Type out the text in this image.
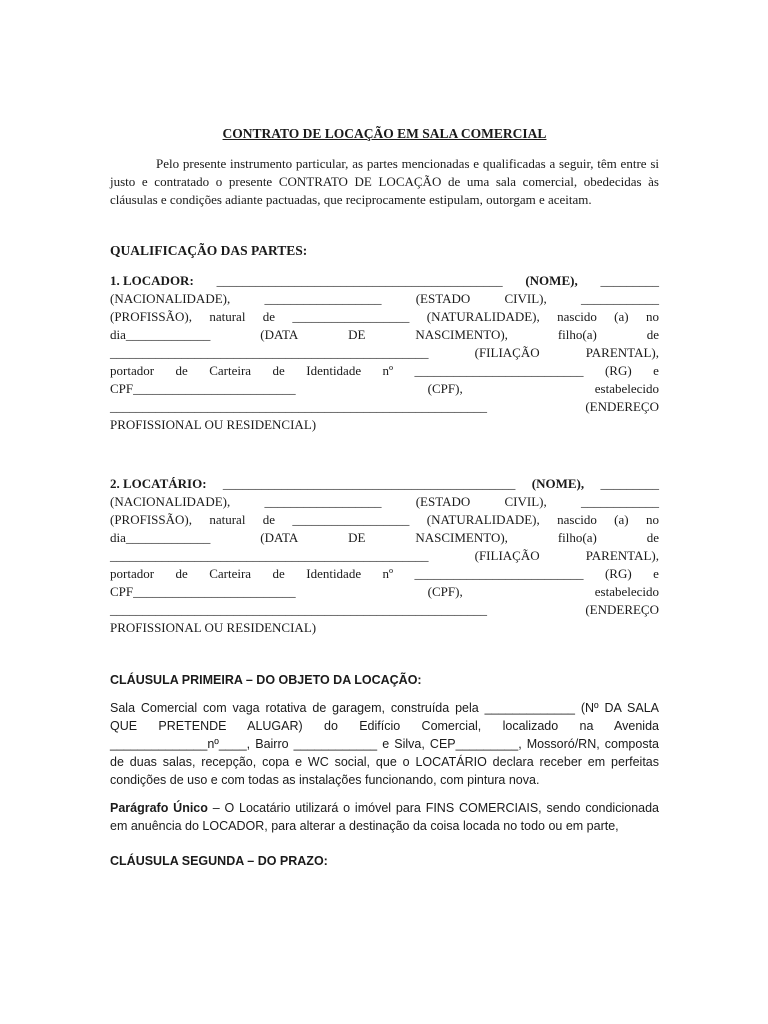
CONTRATO DE LOCAÇÃO EM SALA COMERCIAL

Pelo presente instrumento particular, as partes mencionadas e qualificadas a seguir, têm entre si justo e contratado o presente CONTRATO DE LOCAÇÃO de uma sala comercial, obedecidas às cláusulas e condições adiante pactuadas, que reciprocamente estipulam, outorgam e aceitam.

QUALIFICAÇÃO DAS PARTES:

1. LOCADOR: ____________________________________________ (NOME), _________
(NACIONALIDADE),	__________________	(ESTADO	CIVIL),	____________
(PROFISSÃO), natural de __________________ (NATURALIDADE), nascido (a) no
dia_____________	(DATA	DE	NASCIMENTO),	filho(a)	de
_________________________________________________	(FILIAÇÃO	PARENTAL),
portador de Carteira de Identidade nº __________________________ (RG) e
CPF_________________________	(CPF),	estabelecido
__________________________________________________________	(ENDEREÇO
PROFISSIONAL OU RESIDENCIAL)
2. LOCATÁRIO: _____________________________________________ (NOME), _________
(NACIONALIDADE),	__________________	(ESTADO	CIVIL),	____________
(PROFISSÃO), natural de __________________ (NATURALIDADE), nascido (a) no
dia_____________	(DATA	DE	NASCIMENTO),	filho(a)	de
_________________________________________________	(FILIAÇÃO	PARENTAL),
portador de Carteira de Identidade nº __________________________ (RG) e
CPF_________________________	(CPF),	estabelecido
__________________________________________________________	(ENDEREÇO
PROFISSIONAL OU RESIDENCIAL)

CLÁUSULA PRIMEIRA – DO OBJETO DA LOCAÇÃO:

Sala Comercial com vaga rotativa de garagem, construída pela _____________ (Nº DA SALA QUE PRETENDE ALUGAR) do Edifício Comercial, localizado na Avenida ______________nº____, Bairro ____________ e Silva, CEP_________, Mossoró/RN, composta de duas salas, recepção, copa e WC social, que o LOCATÁRIO declara receber em perfeitas condições de uso e com todas as instalações funcionando, com pintura nova.

Parágrafo Único – O Locatário utilizará o imóvel para FINS COMERCIAIS, sendo condicionada em anuência do LOCADOR, para alterar a destinação da coisa locada no todo ou em parte,

CLÁUSULA SEGUNDA – DO PRAZO:
